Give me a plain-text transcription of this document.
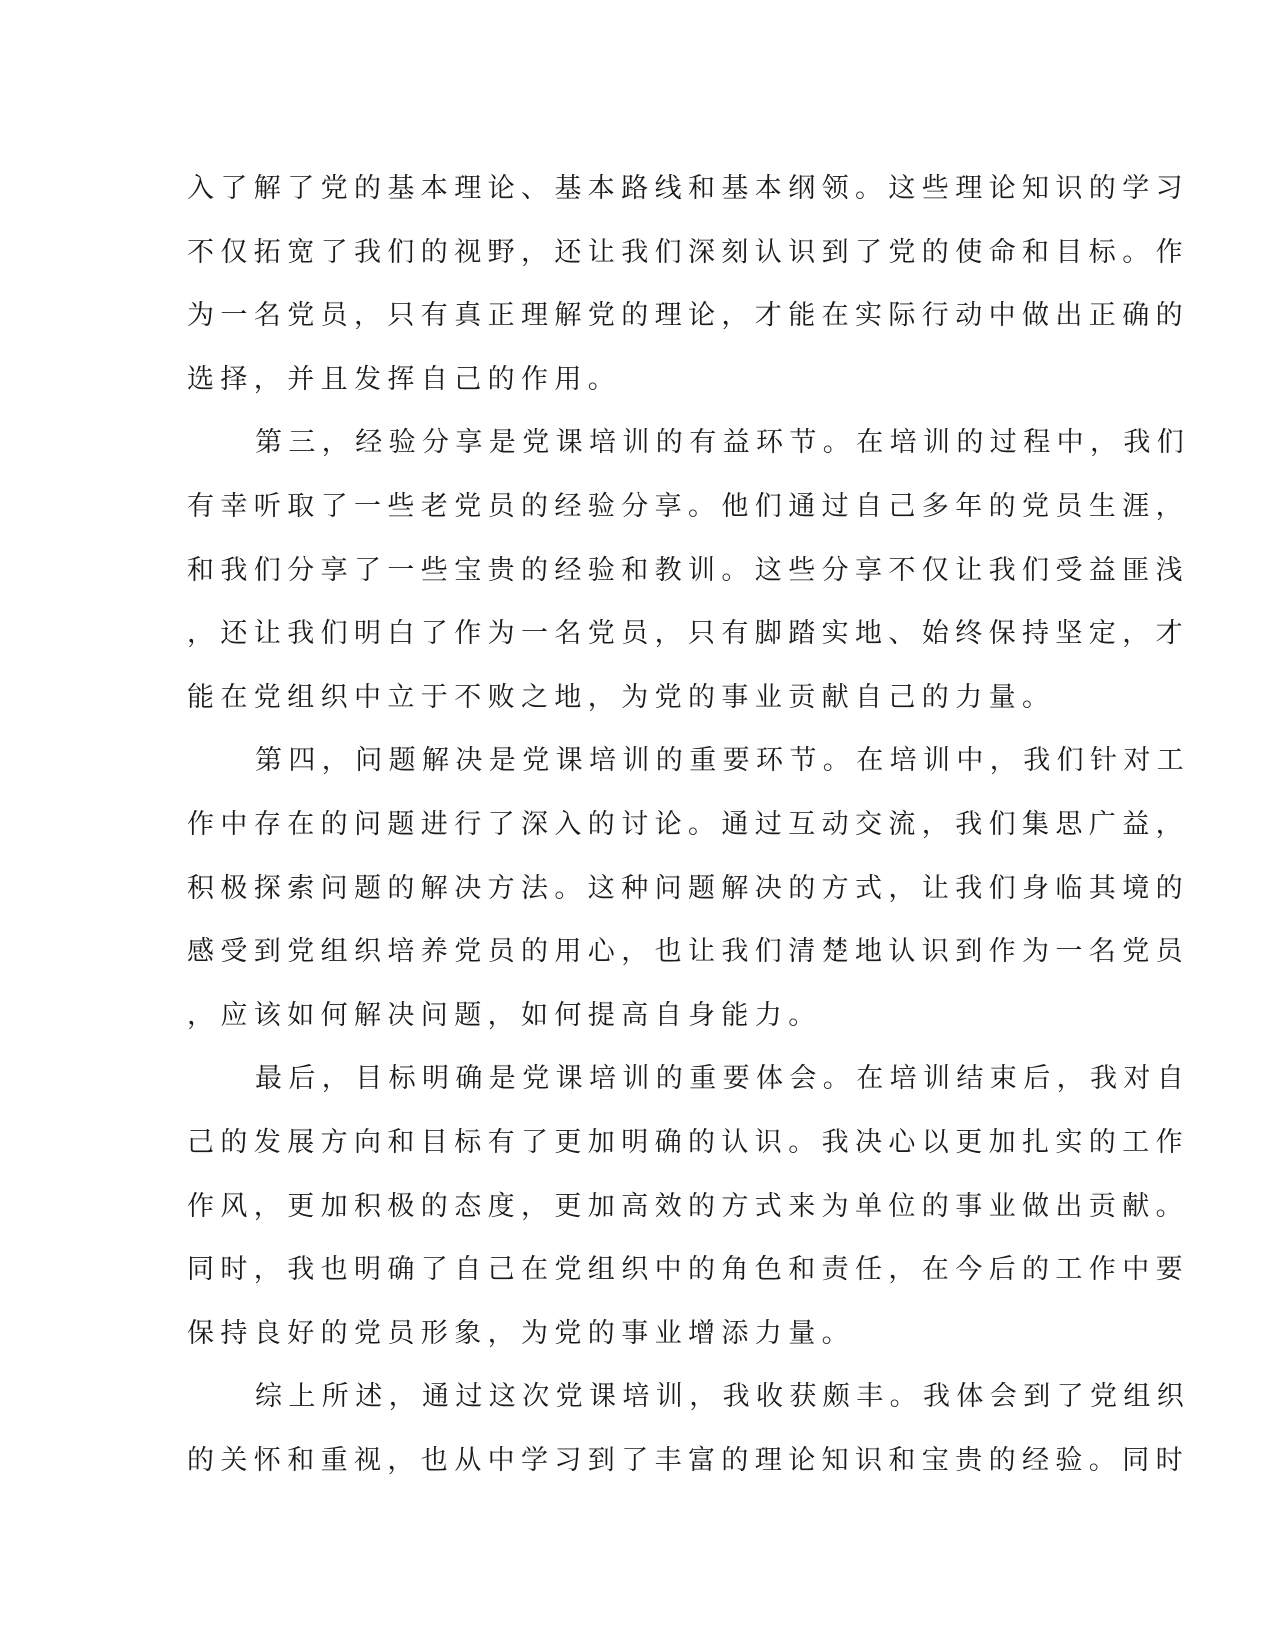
入了解了党的基本理论、基本路线和基本纲领。这些理论知识的学习
不仅拓宽了我们的视野，还让我们深刻认识到了党的使命和目标。作
为一名党员，只有真正理解党的理论，才能在实际行动中做出正确的
选择，并且发挥自己的作用。
第三，经验分享是党课培训的有益环节。在培训的过程中，我们
有幸听取了一些老党员的经验分享。他们通过自己多年的党员生涯，
和我们分享了一些宝贵的经验和教训。这些分享不仅让我们受益匪浅
，还让我们明白了作为一名党员，只有脚踏实地、始终保持坚定，才
能在党组织中立于不败之地，为党的事业贡献自己的力量。
第四，问题解决是党课培训的重要环节。在培训中，我们针对工
作中存在的问题进行了深入的讨论。通过互动交流，我们集思广益，
积极探索问题的解决方法。这种问题解决的方式，让我们身临其境的
感受到党组织培养党员的用心，也让我们清楚地认识到作为一名党员
，应该如何解决问题，如何提高自身能力。
最后，目标明确是党课培训的重要体会。在培训结束后，我对自
己的发展方向和目标有了更加明确的认识。我决心以更加扎实的工作
作风，更加积极的态度，更加高效的方式来为单位的事业做出贡献。
同时，我也明确了自己在党组织中的角色和责任，在今后的工作中要
保持良好的党员形象，为党的事业增添力量。
综上所述，通过这次党课培训，我收获颇丰。我体会到了党组织
的关怀和重视，也从中学习到了丰富的理论知识和宝贵的经验。同时
